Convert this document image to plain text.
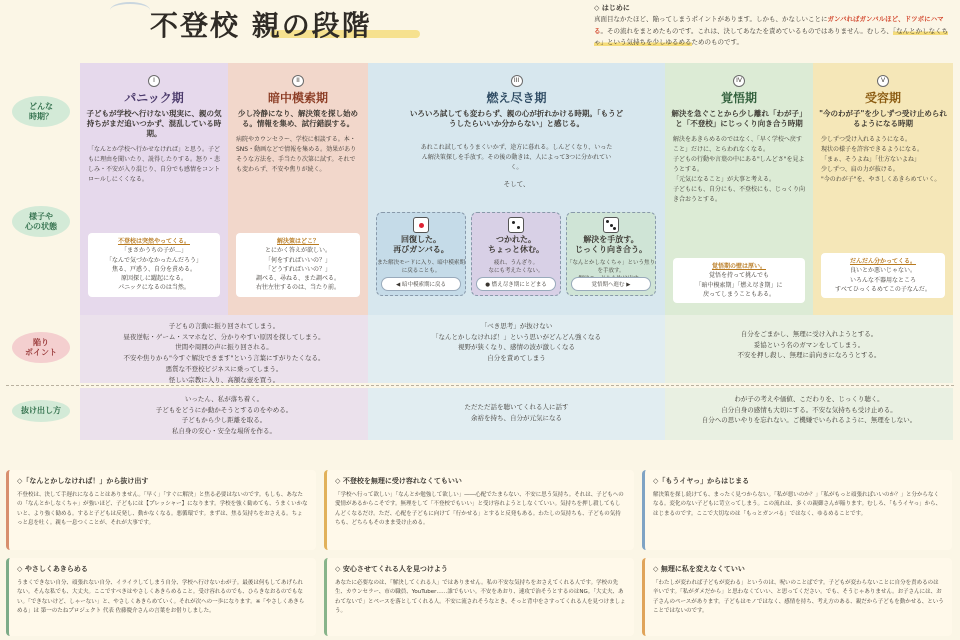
不登校 親の段階
◇ はじめに
真面目なかたほど、陥ってしまうポイントがあります。しかも、かなしいことにガンバればガンバルほど、ドツボにハマる。その流れをまとめたものです。これは、決してあなたを責めているものではありません。むしろ、「なんとかしなくちゃ」という気持ちを少しゆるめるためのものです。
どんな
時期？
様子や
心の状態
陥り
ポイント
抜け出し方
I
パニック期
子どもが学校へ行けない現実に、親の気持ちがまだ追いつかず、混乱している時期。
「なんとか学校へ行かせなければ」と思う。子どもに理由を聞いたり、説得したりする。怒り・悲しみ・不安が入り混じり、自分でも感情をコントロールしにくくなる。
不登校は突然やってくる。
「まさかうちの子が…」
「なんで気づかなかったんだろう」
焦る、戸惑う、自分を責める。
原因探しに躍起になる。
パニックになるのは当然。
II
暗中模索期
少し冷静になり、解決策を探し始める。情報を集め、試行錯誤する。
病院やカウンセラー、学校に相談する。本・SNS・動画などで情報を集める。効果がありそうな方法を、手当たり次第に試す。それでも変わらず、不安や焦りが続く。
解決策はどこ？
とにかく答えが欲しい。
「何をすればいいの？」
「どうすればいいの？」
調べる、尋ねる、また調べる。
右往左往するのは、当たり前。
III
燃え尽き期
いろいろ試しても変わらず、親の心が折れかける時期。「もうどうしたらいいか分からない」と感じる。
あれこれ試してもうまくいかず、途方に暮れる。しんどくなり、いったん解決策探しを手放す。その後の動きは、人によって3つに分かれていく。
そして、
回復した。
再びガンバる。
また解決モードに入り、暗中模索期に戻ることも。
◀ 暗中模索期に戻る
つかれた。
ちょっと休む。
疲れ、うんざり。
なにも考えたくない。
● 燃え尽き期にとどまる
解決を手放す。
じっくり向き合う。
「なんとかしなくちゃ」という焦りを手放す。

覚悟期へ進む ▶
IV
覚悟期
解決を急ぐことから少し離れ「わが子」と「不登校」にじっくり向き合う時期
解決をあきらめるのではなく、「早く学校へ戻すこと」だけに、とらわれなくなる。
子どもの行動や言葉の中にある"しんどさ"を見ようとする。
「元気になること」が大事と考える。
子どもにも、自分にも、不登校にも、じっくり向き合おうとする。
覚悟期の壁は厚い。
覚悟を持って挑んでも
「暗中模索期」「燃え尽き期」に
戻ってしまうこともある。
V
受容期
"今のわが子"を少しずつ受け止められるようになる時期
少しずつ受け入れるようになる。
現状の様子を許容できるようになる。
「まぁ、そうよね」「仕方ないよね」
少しずつ、肩の力が抜ける。
"今のわが子"を、やさしくあきらめていく。
だんだん分かってくる。
良いとか悪いじゃない。
いろんな不器用なところ
すべてひっくるめてこの子なんだ。
子どもの言動に振り回されてしまう。
昼夜逆転・ゲーム・スマホなど、分かりやすい原因を探してしまう。
世間や周囲の声に振り回される。
不安や焦りから"今すぐ解決できます"という言葉にすがりたくなる。
悪質な不登校ビジネスに乗ってしまう。
怪しい宗教に入り、高額な壺を買う。
「べき思考」が抜けない
「なんとかしなければ！」という思いがどんどん強くなる
視野が狭くなり、感情の波が激しくなる
自分を責めてしまう
自分をごまかし、無理に受け入れようとする。
妥協という名のガマンをしてしまう。
不安を押し殺し、無理に前向きになろうとする。
いったん、私が落ち着く。
子どもをどうにか動かそうとするのをやめる。
子どもから少し距離を取る。
私自身の安心・安全な場所を作る。
ただただ話を聴いてくれる人に話す
余裕を持ち、自分が元気になる
わが子の考えや価値、こだわりを、じっくり聴く。
自分自身の感情も大切にする。不安な気持ちも受け止める。
自分への思いやりを忘れない。ご機嫌でいられるように、無理をしない。
◇「なんとかしなければ！」から抜け出す
不登校は、決して手遅れになることはありません。「早く」「すぐに解決」と焦る必要はないのです。もしも、あなたの「なんとかしなくちゃ」が強いほど、子どもには【プレッシャー】になります。学校を強く勧めても、うまくいかないと、より強く勧める。すると子どもは反発し、動かなくなる。悪循環です。まずは、焦る気持ちをおさえる。ちょっと息を吐く。親も一息つくことが、それが大事です。
◇ 不登校を無理に受け容れなくてもいい
「学校へ行って欲しい」「なんとか勉強して欲しい」――心配でたまらない、不安に思う気持ち。それは、子どもへの愛情があるからこそです。無理をして「不登校でもいい」と受け容れようとしなくていい。気持ちを押し殺してもしんどくなるだけ。ただ、心配を子どもに向けて「行かせる」とすると反発もある。わたしの気持ちも、子どもの気持ちも、どちらもそのまま受け止める。
◇「もうイヤっ」からはじまる
解決策を探し続けても、まったく見つからない。「私が悪いのか？」「私がもっと頑張ればいいのか？」と分からなくなる。変化のない子どもに苛立ってしまう。この流れは、多くの親御さんが陥ります。むしろ、「もうイヤっ」から、はじまるのです。ここで大切なのは「もっとガンバる」ではなく、ゆるめることです。
◇ やさしくあきらめる
うまくできない自分、頑張れない自分、イライラしてしまう自分、学校へ行けないわが子。最後は何もしてあげられない。そんな私でも、大丈夫。ここですべきはやさしくあきらめること。受け容れるのでも、ひらきなおるのでもない。「できないけど、しゃーない」と、やさしくあきらめていく。それが次への一歩になります。※「やさしくあきらめる」は 第一のたねプロジェクト 代表 佐藤慶介さんの言葉をお借りしました。
◇ 安心させてくれる人を見つけよう
あなたに必要なのは、「解決してくれる人」ではありません。私の不安な気持ちをおさえてくれる人です。学校の先生、カウンセラー、市の職員、YouTuber……誰でもいい。不安をあおり、速攻で治そうとするのはNG。「大丈夫、あわてないで」とペースを落としてくれる人。不安に流されそうなとき、そっと背中をさすってくれる人を見つけましょう。
◇ 無理に私を変えなくていい
「わたしが変われば子どもが変わる」というのは、呪いのことばです。子どもが変わらないことに自分を責めるのは辛いです。「私がダメだから」と思わなくていい、と思ってください。でも、そうじゃありません。お子さんには、お子さんのペースがあります。子どもはモノではなく、感情を持ち、考え方のある、親だから子どもを動かせる、ということではないのです。
